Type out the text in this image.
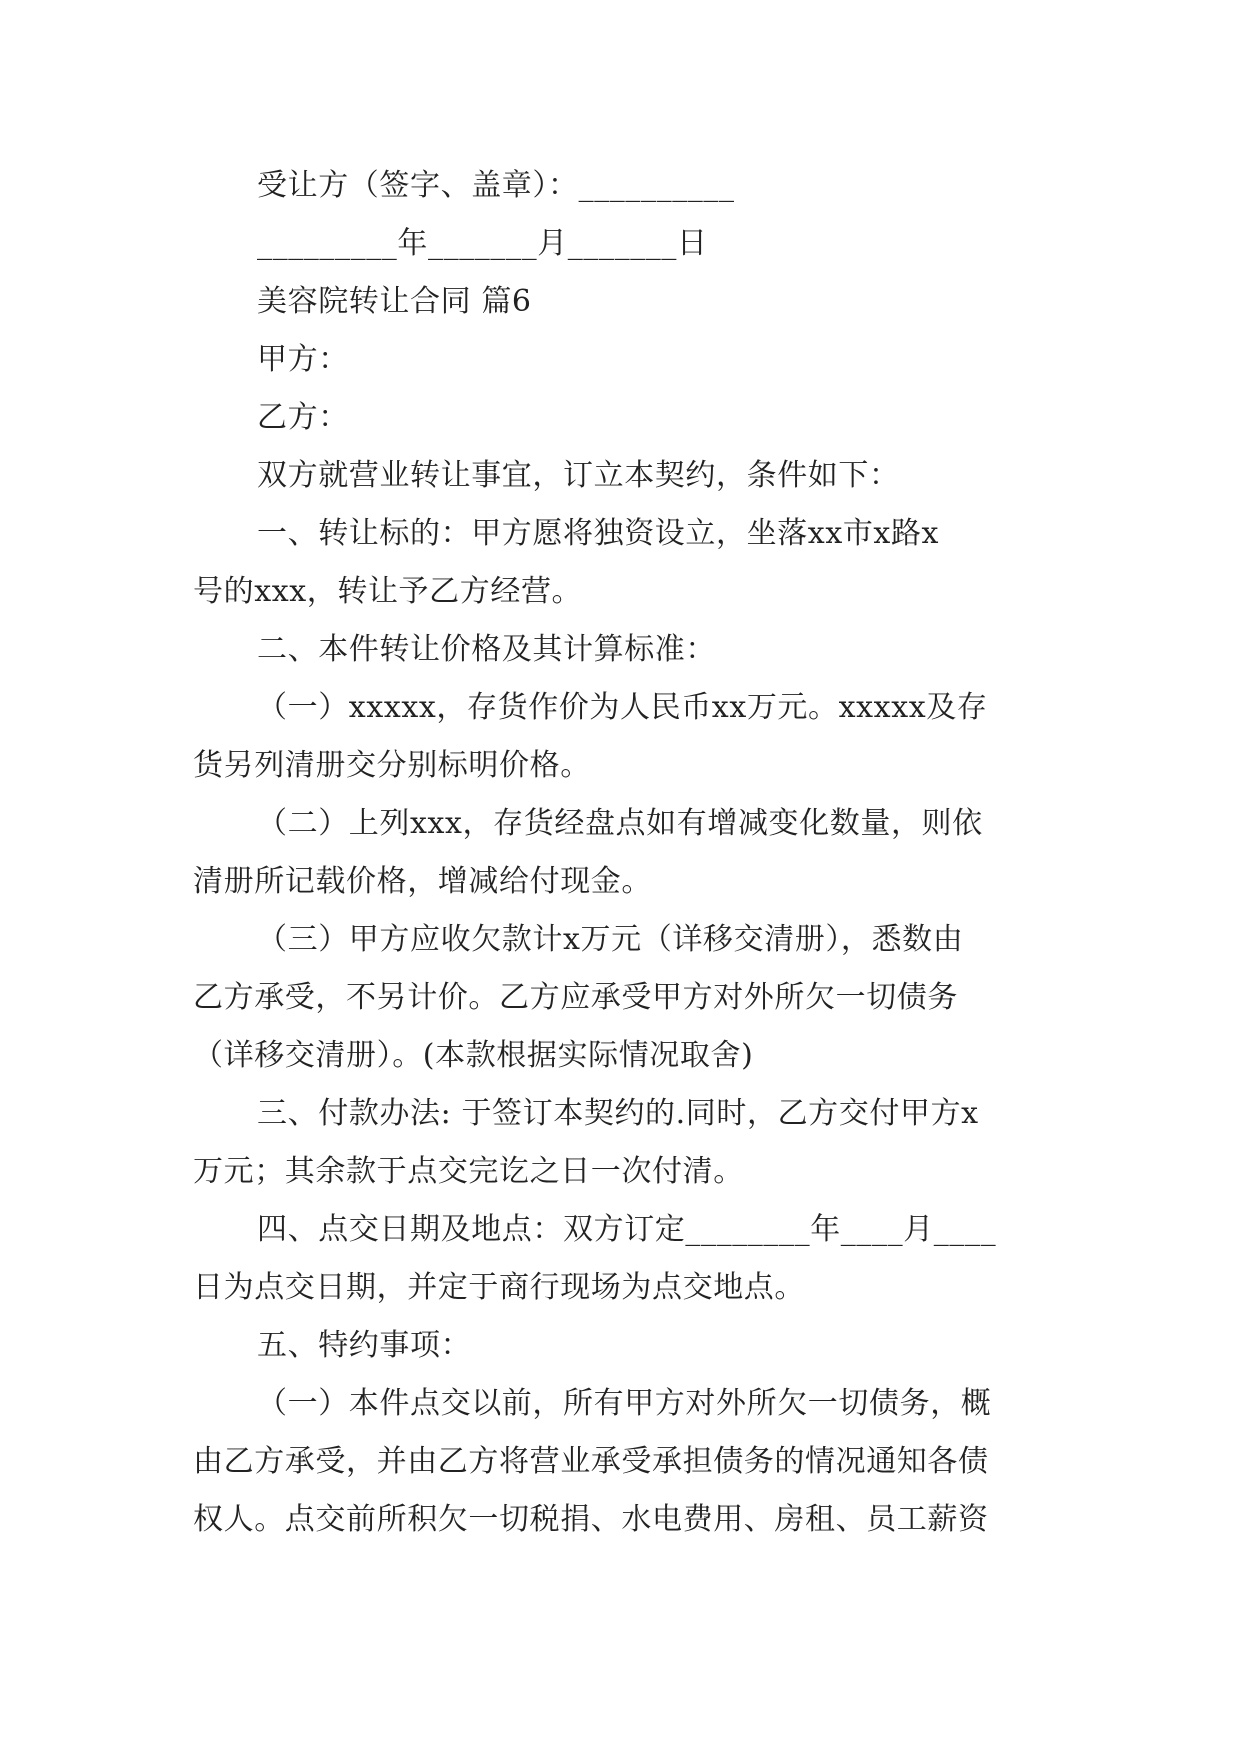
受让方（签字、盖章）：__________
_________年_______月_______日
美容院转让合同 篇6
甲方：
乙方：
双方就营业转让事宜，订立本契约，条件如下：
一、转让标的：甲方愿将独资设立，坐落xx市x路x
号的xxx，转让予乙方经营。
二、本件转让价格及其计算标准：
（一）xxxxx，存货作价为人民币xx万元。xxxxx及存
货另列清册交分别标明价格。
（二）上列xxx，存货经盘点如有增减变化数量，则依
清册所记载价格，增减给付现金。
（三）甲方应收欠款计x万元（详移交清册），悉数由
乙方承受，不另计价。乙方应承受甲方对外所欠一切债务
（详移交清册）。(本款根据实际情况取舍)
三、付款办法: 于签订本契约的.同时，乙方交付甲方x
万元；其余款于点交完讫之日一次付清。
四、点交日期及地点：双方订定________年____月____
日为点交日期，并定于商行现场为点交地点。
五、特约事项：
（一）本件点交以前，所有甲方对外所欠一切债务，概
由乙方承受，并由乙方将营业承受承担债务的情况通知各债
权人。点交前所积欠一切税捐、水电费用、房租、员工薪资
